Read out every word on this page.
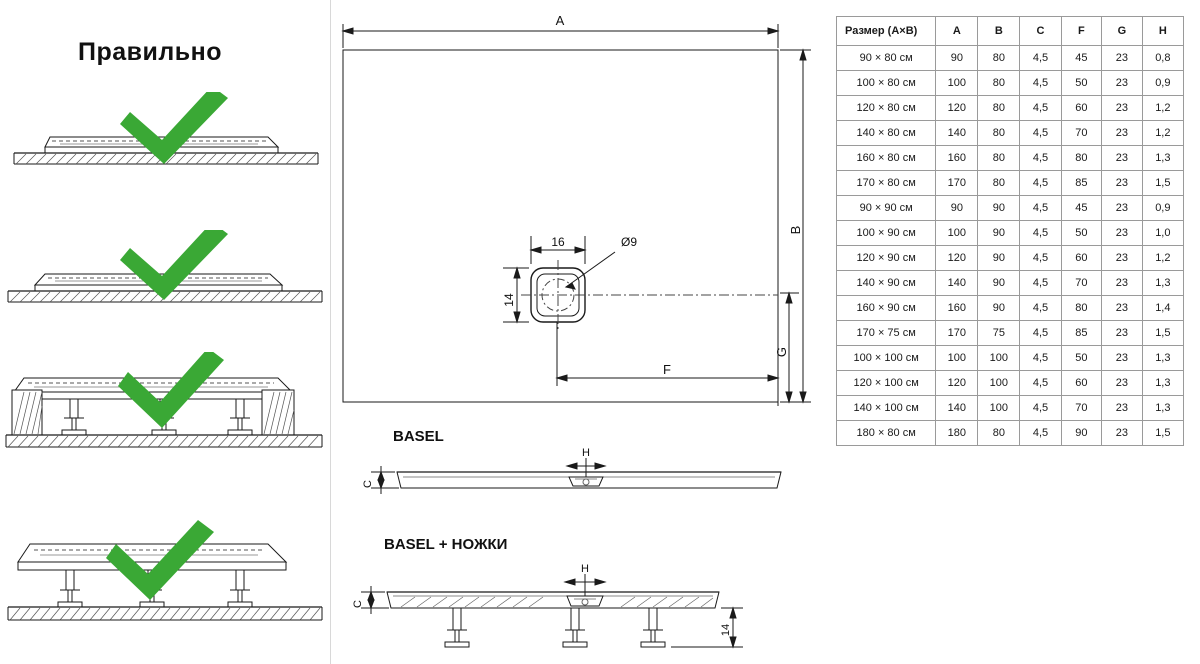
Правильно
A
B
G
F
16
14
Ø9
BASEL
H
C
BASEL + НОЖКИ
H
C
14
Размер (A×B)	A	B	C	F	G	H
90 × 80 см	90	80	4,5	45	23	0,8
100 × 80 см	100	80	4,5	50	23	0,9
120 × 80 см	120	80	4,5	60	23	1,2
140 × 80 см	140	80	4,5	70	23	1,2
160 × 80 см	160	80	4,5	80	23	1,3
170 × 80 см	170	80	4,5	85	23	1,5
90 × 90 см	90	90	4,5	45	23	0,9
100 × 90 см	100	90	4,5	50	23	1,0
120 × 90 см	120	90	4,5	60	23	1,2
140 × 90 см	140	90	4,5	70	23	1,3
160 × 90 см	160	90	4,5	80	23	1,4
170 × 75 см	170	75	4,5	85	23	1,5
100 × 100 см	100	100	4,5	50	23	1,3
120 × 100 см	120	100	4,5	60	23	1,3
140 × 100 см	140	100	4,5	70	23	1,3
180 × 80 см	180	80	4,5	90	23	1,5
